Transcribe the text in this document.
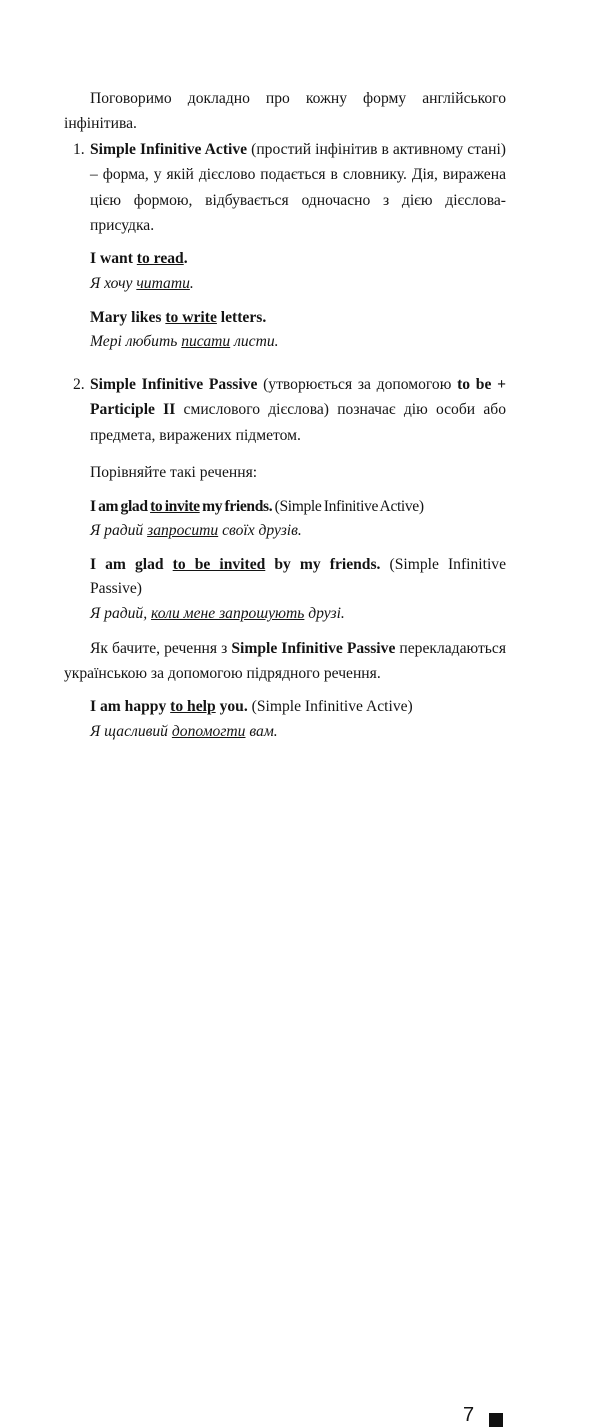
Поговоримо докладно про кожну форму англійського інфінітива.

1. Simple Infinitive Active (простий інфінітив в активному стані) – форма, у якій дієслово подається в словнику. Дія, виражена цією формою, відбувається одночасно з дією дієслова-присудка.

I want to read.

Я хочу читати.

Mary likes to write letters.

Мері любить писати листи.

2. Simple Infinitive Passive (утворюється за допомогою to be + Participle II смислового дієслова) позначає дію особи або предмета, виражених підметом.

Порівняйте такі речення:

I am glad to invite my friends. (Simple Infinitive Active)

Я радий запросити своїх друзів.

I am glad to be invited by my friends. (Simple Infinitive Passive)

Я радий, коли мене запрошують друзі.

Як бачите, речення з Simple Infinitive Passive перекладаються українською за допомогою підрядного речення.

I am happy to help you. (Simple Infinitive Active)

Я щасливий допомогти вам.

7
